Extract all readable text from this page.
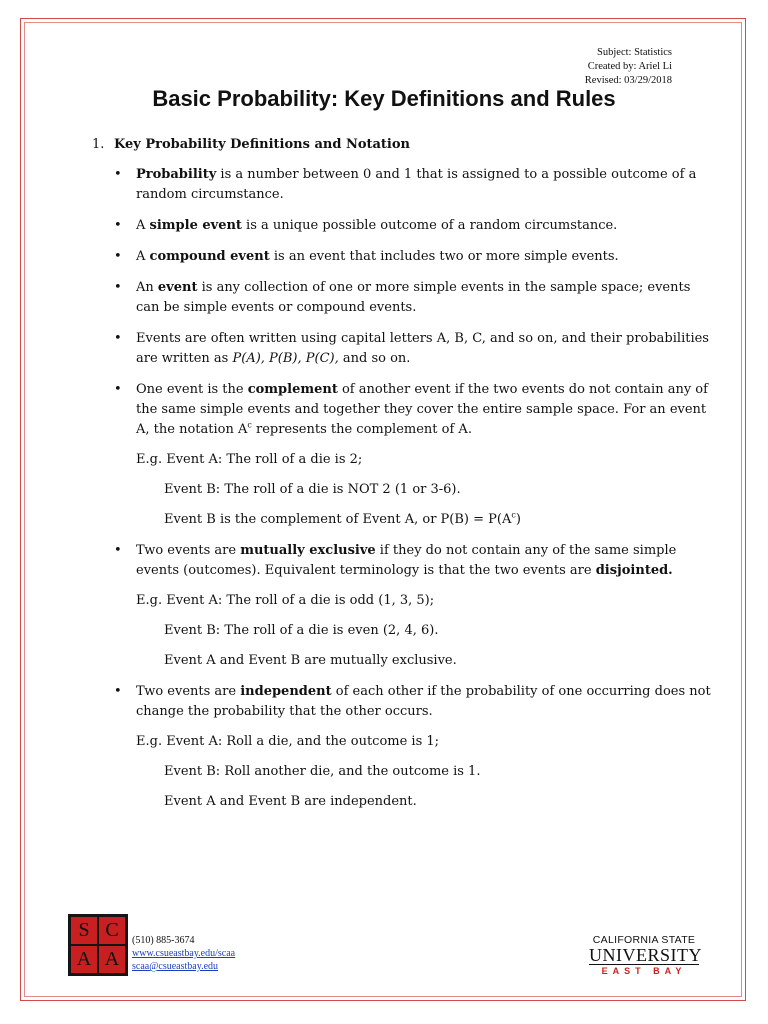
Subject: Statistics
Created by: Ariel Li
Revised: 03/29/2018
Basic Probability: Key Definitions and Rules
1. Key Probability Definitions and Notation
• Probability is a number between 0 and 1 that is assigned to a possible outcome of a random circumstance.
• A simple event is a unique possible outcome of a random circumstance.
• A compound event is an event that includes two or more simple events.
• An event is any collection of one or more simple events in the sample space; events can be simple events or compound events.
• Events are often written using capital letters A, B, C, and so on, and their probabilities are written as P(A), P(B), P(C), and so on.
• One event is the complement of another event if the two events do not contain any of the same simple events and together they cover the entire sample space. For an event A, the notation $A^c$ represents the complement of A.
E.g. Event A: The roll of a die is 2;
Event B: The roll of a die is NOT 2 (1 or 3-6).
Event B is the complement of Event A, or $P(B) = P(A^c)$
• Two events are mutually exclusive if they do not contain any of the same simple events (outcomes). Equivalent terminology is that the two events are disjointed.
E.g. Event A: The roll of a die is odd (1, 3, 5);
Event B: The roll of a die is even (2, 4, 6).
Event A and Event B are mutually exclusive.
• Two events are independent of each other if the probability of one occurring does not change the probability that the other occurs.
E.g. Event A: Roll a die, and the outcome is 1;
Event B: Roll another die, and the outcome is 1.
Event A and Event B are independent.
S C
A A
(510) 885-3674
www.csueastbay.edu/scaa
scaa@csueastbay.edu
CALIFORNIA STATE
UNIVERSITY
EAST BAY
